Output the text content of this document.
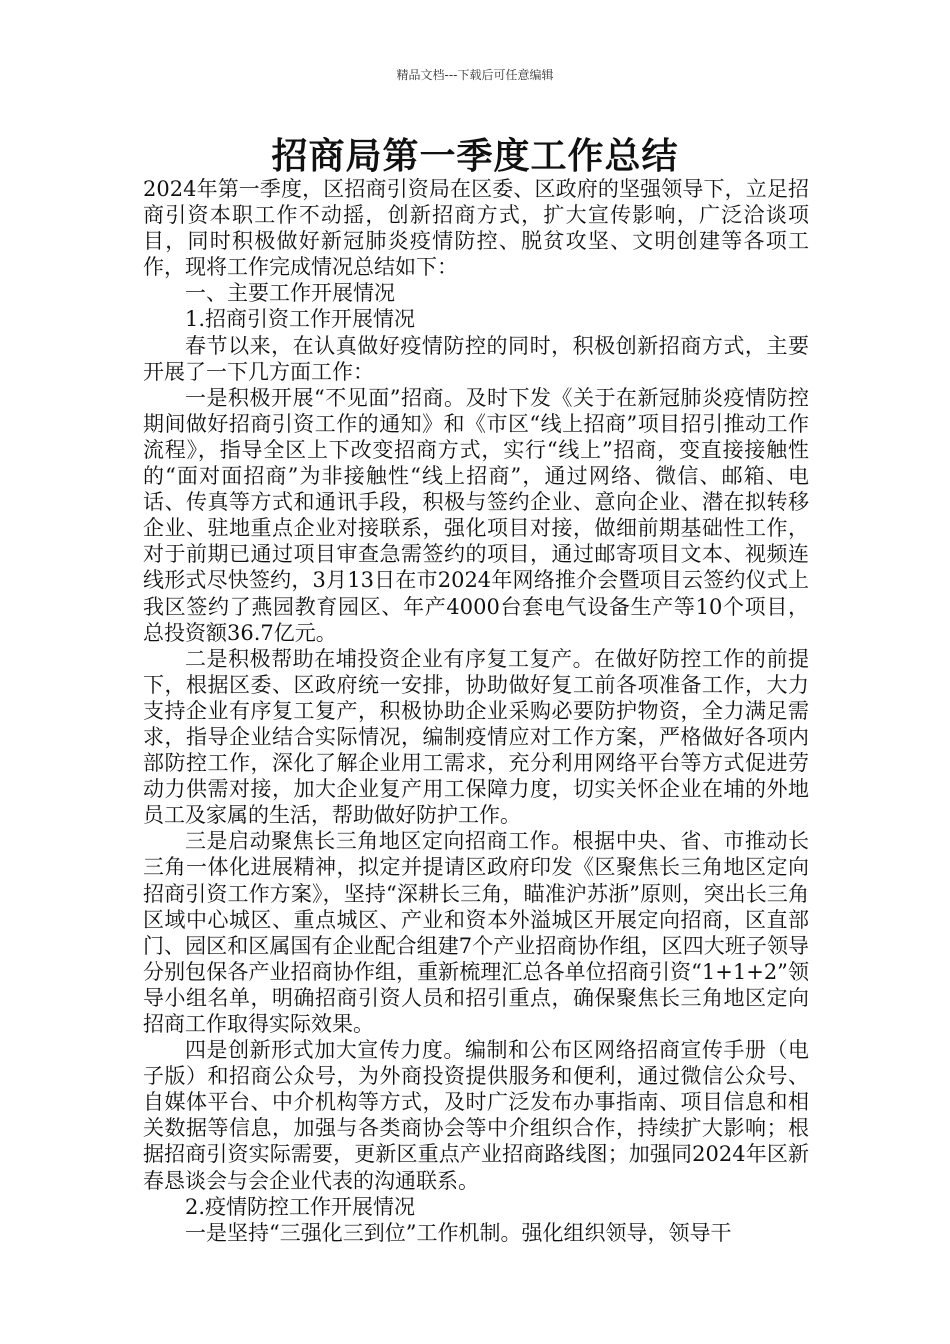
精品文档---下载后可任意编辑
招商局第一季度工作总结

2024年第一季度，区招商引资局在区委、区政府的坚强领导下，立足招商引资本职工作不动摇，创新招商方式，扩大宣传影响，广泛洽谈项目，同时积极做好新冠肺炎疫情防控、脱贫攻坚、文明创建等各项工作，现将工作完成情况总结如下：

一、主要工作开展情况

1.招商引资工作开展情况

春节以来，在认真做好疫情防控的同时，积极创新招商方式，主要开展了一下几方面工作：

一是积极开展“不见面”招商。及时下发《关于在新冠肺炎疫情防控期间做好招商引资工作的通知》和《市区“线上招商”项目招引推动工作流程》，指导全区上下改变招商方式，实行“线上”招商，变直接接触性的“面对面招商”为非接触性“线上招商”，通过网络、微信、邮箱、电话、传真等方式和通讯手段，积极与签约企业、意向企业、潜在拟转移企业、驻地重点企业对接联系，强化项目对接，做细前期基础性工作，对于前期已通过项目审查急需签约的项目，通过邮寄项目文本、视频连线形式尽快签约，3月13日在市2024年网络推介会暨项目云签约仪式上我区签约了燕园教育园区、年产4000台套电气设备生产等10个项目，总投资额36.7亿元。

二是积极帮助在埔投资企业有序复工复产。在做好防控工作的前提下，根据区委、区政府统一安排，协助做好复工前各项准备工作，大力支持企业有序复工复产，积极协助企业采购必要防护物资，全力满足需求，指导企业结合实际情况，编制疫情应对工作方案，严格做好各项内部防控工作，深化了解企业用工需求，充分利用网络平台等方式促进劳动力供需对接，加大企业复产用工保障力度，切实关怀企业在埔的外地员工及家属的生活，帮助做好防护工作。

三是启动聚焦长三角地区定向招商工作。根据中央、省、市推动长三角一体化进展精神，拟定并提请区政府印发《区聚焦长三角地区定向招商引资工作方案》，坚持“深耕长三角，瞄准沪苏浙”原则，突出长三角区域中心城区、重点城区、产业和资本外溢城区开展定向招商，区直部门、园区和区属国有企业配合组建7个产业招商协作组，区四大班子领导分别包保各产业招商协作组，重新梳理汇总各单位招商引资“1+1+2”领导小组名单，明确招商引资人员和招引重点，确保聚焦长三角地区定向招商工作取得实际效果。

四是创新形式加大宣传力度。编制和公布区网络招商宣传手册（电子版）和招商公众号，为外商投资提供服务和便利，通过微信公众号、自媒体平台、中介机构等方式，及时广泛发布办事指南、项目信息和相关数据等信息，加强与各类商协会等中介组织合作，持续扩大影响；根据招商引资实际需要，更新区重点产业招商路线图；加强同2024年区新春恳谈会与会企业代表的沟通联系。

2.疫情防控工作开展情况

一是坚持“三强化三到位”工作机制。强化组织领导，领导干
